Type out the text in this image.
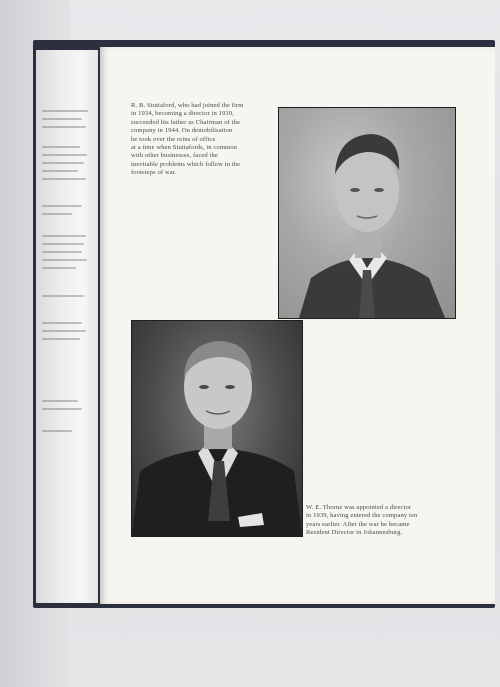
R. B. Stuttaford, who had joined the firm
in 1934, becoming a director in 1939,
succeeded his father as Chairman of the
company in 1944. On demobilisation
he took over the reins of office
at a time when Stuttafords, in common
with other businesses, faced the
inevitable problems which follow in the
footsteps of war.
W. E. Thorne was appointed a director
in 1939, having entered the company ten
years earlier. After the war he became
Resident Director in Johannesburg.
